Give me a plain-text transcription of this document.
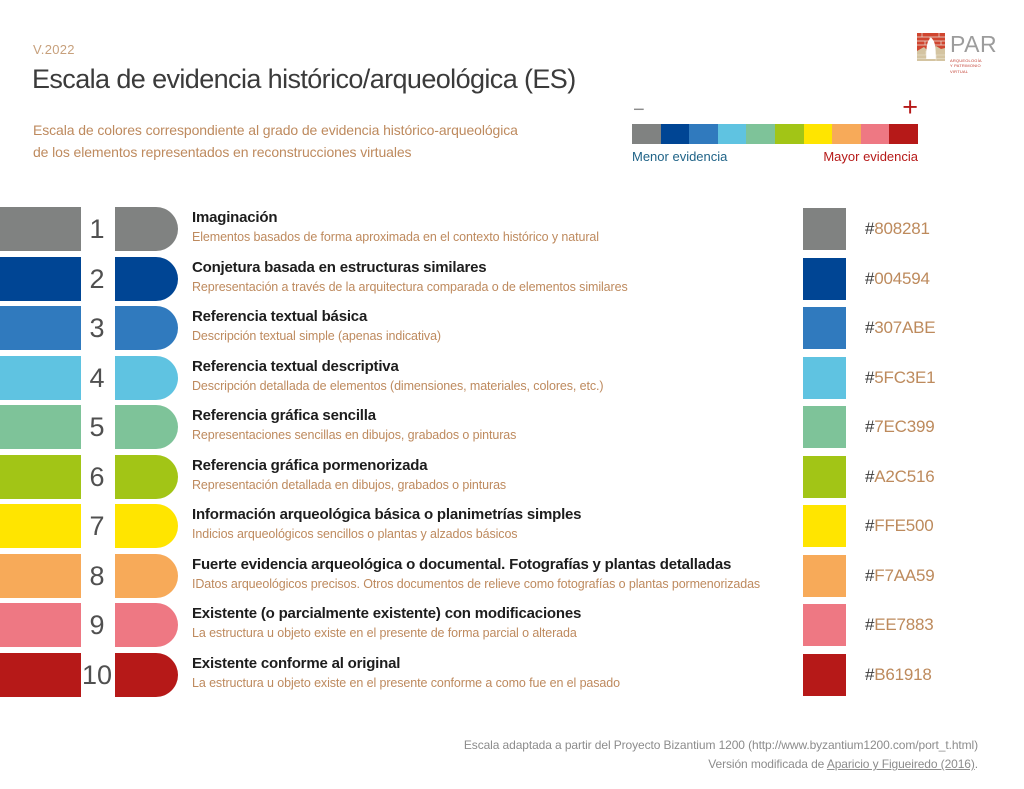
V.2022
Escala de evidencia histórico/arqueológica (ES)
Escala de colores correspondiente al grado de evidencia histórico-arqueológica
de los elementos representados en reconstrucciones virtuales
PAR
ARQUEOLOGÍA
Y PATRIMONIO
VIRTUAL
−	+
Menor evidencia	Mayor evidencia
1	Imaginación
Elementos basados de forma aproximada en el contexto histórico y natural	#808281
2	Conjetura basada en estructuras similares
Representación a través de la arquitectura comparada o de elementos similares	#004594
3	Referencia textual básica
Descripción textual simple (apenas indicativa)	#307ABE
4	Referencia textual descriptiva
Descripción detallada de elementos (dimensiones, materiales, colores, etc.)	#5FC3E1
5	Referencia gráfica sencilla
Representaciones sencillas en dibujos, grabados o pinturas	#7EC399
6	Referencia gráfica pormenorizada
Representación detallada en dibujos, grabados o pinturas	#A2C516
7	Información arqueológica básica o planimetrías simples
Indicios arqueológicos sencillos o plantas y alzados básicos	#FFE500
8	Fuerte evidencia arqueológica o documental. Fotografías y plantas detalladas
IDatos arqueológicos precisos. Otros documentos de relieve como fotografías o plantas pormenorizadas	#F7AA59
9	Existente (o parcialmente existente) con modificaciones
La estructura u objeto existe en el presente de forma parcial o alterada	#EE7883
10	Existente conforme al original
La estructura u objeto existe en el presente conforme a como fue en el pasado	#B61918
Escala adaptada a partir del Proyecto Bizantium 1200 (http://www.byzantium1200.com/port_t.html)
Versión modificada de Aparicio y Figueiredo (2016).
